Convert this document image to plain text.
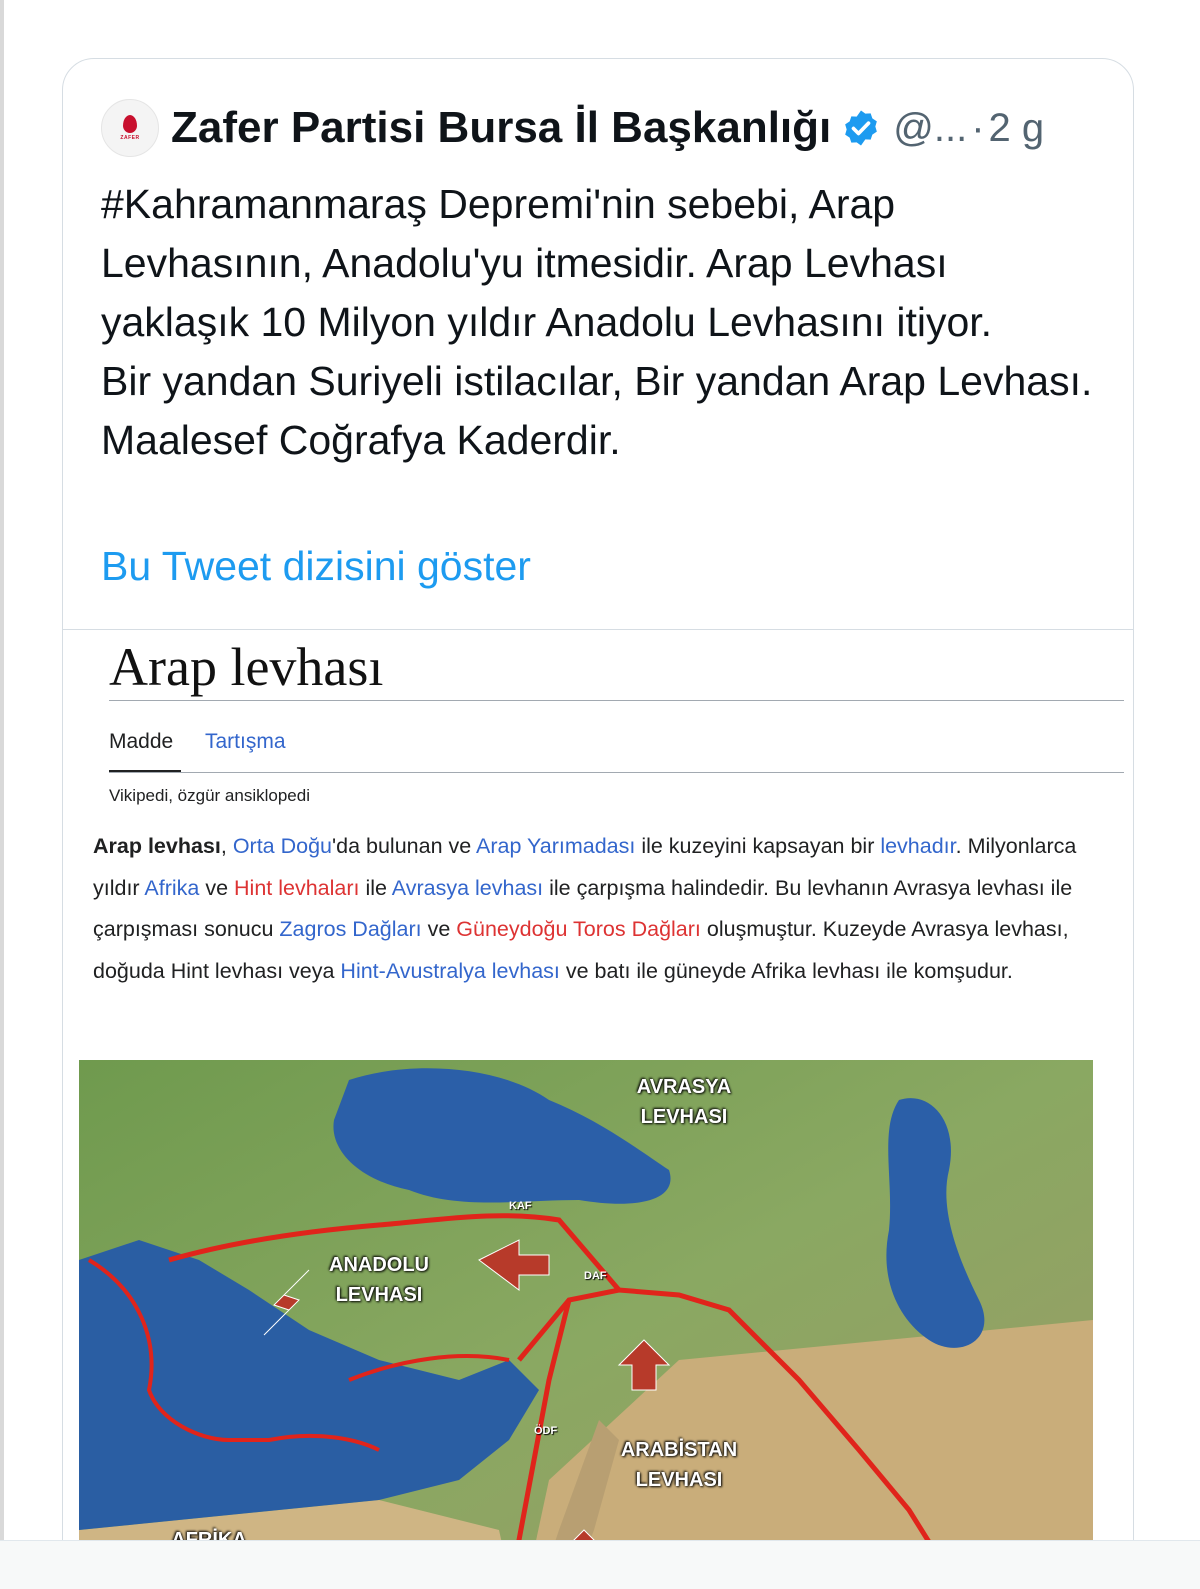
ZAFER Zafer Partisi Bursa İl Başkanlığı @... · 2 g
#Kahramanmaraş Depremi'nin sebebi, Arap Levhasının, Anadolu'yu itmesidir. Arap Levhası yaklaşık 10 Milyon yıldır Anadolu Levhasını itiyor.
Bir yandan Suriyeli istilacılar, Bir yandan Arap Levhası. Maalesef Coğrafya Kaderdir.
Bu Tweet dizisini göster
Arap levhası
Madde Tartışma
Vikipedi, özgür ansiklopedi
Arap levhası, Orta Doğu'da bulunan ve Arap Yarımadası ile kuzeyini kapsayan bir levhadır. Milyonlarca yıldır Afrika ve Hint levhaları ile Avrasya levhası ile çarpışma halindedir. Bu levhanın Avrasya levhası ile çarpışması sonucu Zagros Dağları ve Güneydoğu Toros Dağları oluşmuştur. Kuzeyde Avrasya levhası, doğuda Hint levhası veya Hint-Avustralya levhası ve batı ile güneyde Afrika levhası ile komşudur.
AVRASYA
LEVHASI
ANADOLU
LEVHASI
ARABİSTAN
LEVHASI
KAF
DAF
ÖDF
